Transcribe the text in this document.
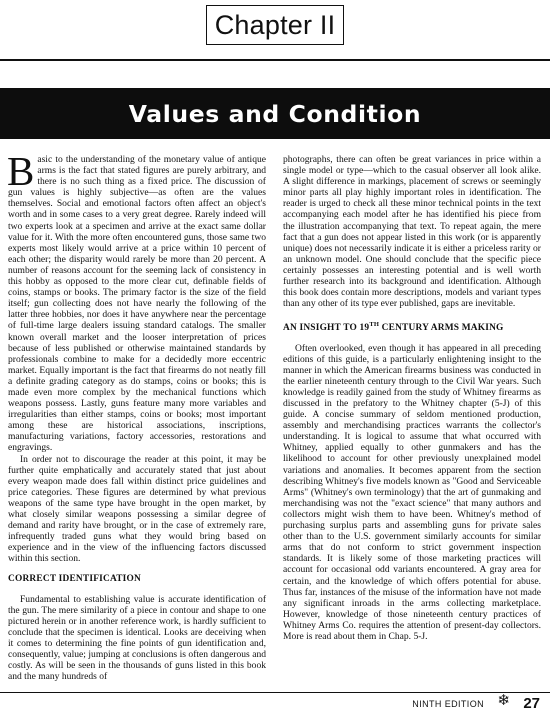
Chapter II
Values and Condition

Basic to the understanding of the monetary value of antique arms is the fact that stated figures are purely arbitrary, and there is no such thing as a fixed price. The discussion of gun values is highly subjective—as often are the values themselves. Social and emotional factors often affect an object's worth and in some cases to a very great degree. Rarely indeed will two experts look at a specimen and arrive at the exact same dollar value for it. With the more often encountered guns, those same two experts most likely would arrive at a price within 10 percent of each other; the disparity would rarely be more than 20 percent. A number of reasons account for the seeming lack of consistency in this hobby as opposed to the more clear cut, definable fields of coins, stamps or books. The primary factor is the size of the field itself; gun collecting does not have nearly the following of the latter three hobbies, nor does it have anywhere near the percentage of full-time large dealers issuing standard catalogs. The smaller known overall market and the looser interpretation of prices because of less published or otherwise maintained standards by professionals combine to make for a decidedly more eccentric market. Equally important is the fact that firearms do not neatly fill a definite grading category as do stamps, coins or books; this is made even more complex by the mechanical functions which weapons possess. Lastly, guns feature many more variables and irregularities than either stamps, coins or books; most important among these are historical associations, inscriptions, manufacturing variations, factory accessories, restorations and engravings.

In order not to discourage the reader at this point, it may be further quite emphatically and accurately stated that just about every weapon made does fall within distinct price guidelines and price categories. These figures are determined by what previous weapons of the same type have brought in the open market, by what closely similar weapons possessing a similar degree of demand and rarity have brought, or in the case of extremely rare, infrequently traded guns what they would bring based on experience and in the view of the influencing factors discussed within this section.

CORRECT IDENTIFICATION

Fundamental to establishing value is accurate identification of the gun. The mere similarity of a piece in contour and shape to one pictured herein or in another reference work, is hardly sufficient to conclude that the specimen is identical. Looks are deceiving when it comes to determining the fine points of gun identification and, consequently, value; jumping at conclusions is often dangerous and costly. As will be seen in the thousands of guns listed in this book and the many hundreds of

photographs, there can often be great variances in price within a single model or type—which to the casual observer all look alike. A slight difference in markings, placement of screws or seemingly minor parts all play highly important roles in identification. The reader is urged to check all these minor technical points in the text accompanying each model after he has identified his piece from the illustration accompanying that text. To repeat again, the mere fact that a gun does not appear listed in this work (or is apparently unique) does not necessarily indicate it is either a priceless rarity or an unknown model. One should conclude that the specific piece certainly possesses an interesting potential and is well worth further research into its background and identification. Although this book does contain more descriptions, models and variant types than any other of its type ever published, gaps are inevitable.

AN INSIGHT TO 19TH CENTURY ARMS MAKING

Often overlooked, even though it has appeared in all preceding editions of this guide, is a particularly enlightening insight to the manner in which the American firearms business was conducted in the earlier nineteenth century through to the Civil War years. Such knowledge is readily gained from the study of Whitney firearms as discussed in the prefatory to the Whitney chapter (5-J) of this guide. A concise summary of seldom mentioned production, assembly and merchandising practices warrants the collector's understanding. It is logical to assume that what occurred with Whitney, applied equally to other gunmakers and has the likelihood to account for other previously unexplained model variations and anomalies. It becomes apparent from the section describing Whitney's five models known as "Good and Serviceable Arms" (Whitney's own terminology) that the art of gunmaking and merchandising was not the "exact science" that many authors and collectors might wish them to have been. Whitney's method of purchasing surplus parts and assembling guns for private sales other than to the U.S. government similarly accounts for similar arms that do not conform to strict government inspection standards. It is likely some of those marketing practices will account for occasional odd variants encountered. A gray area for certain, and the knowledge of which offers potential for abuse. Thus far, instances of the misuse of the information have not made any significant inroads in the arms collecting marketplace. However, knowledge of those nineteenth century practices of Whitney Arms Co. requires the attention of present-day collectors. More is read about them in Chap. 5-J.

NINTH EDITION ❄ 27
